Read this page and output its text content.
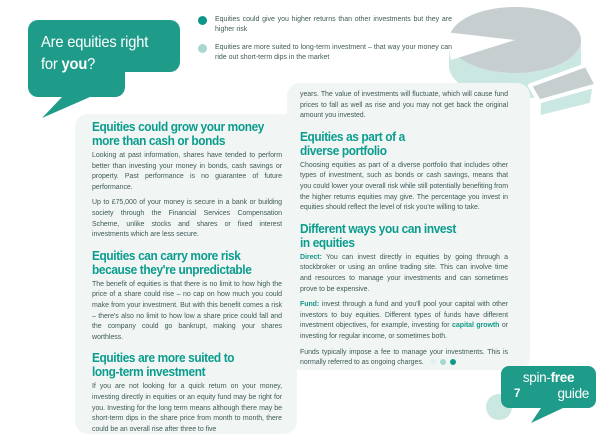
Are equities right
for you?
Equities could give you higher returns than other investments but they are higher risk
Equities are more suited to long-term investment – that way your money can ride out short-term dips in the market
Equities could grow your money
more than cash or bonds

Looking at past information, shares have tended to perform better than investing your money in bonds, cash savings or property. Past performance is no guarantee of future performance.

Up to £75,000 of your money is secure in a bank or building society through the Financial Services Compensation Scheme, unlike stocks and shares or fixed interest investments which are less secure.

Equities can carry more risk
because they're unpredictable

The benefit of equities is that there is no limit to how high the price of a share could rise – no cap on how much you could make from your investment. But with this benefit comes a risk – there's also no limit to how low a share price could fall and the company could go bankrupt, making your shares worthless.

Equities are more suited to
long-term investment

If you are not looking for a quick return on your money, investing directly in equities or an equity fund may be right for you. Investing for the long term means although there may be short-term dips in the share price from month to month, there could be an overall rise after three to five

years. The value of investments will fluctuate, which will cause fund prices to fall as well as rise and you may not get back the original amount you invested.

Equities as part of a
diverse portfolio

Choosing equities as part of a diverse portfolio that includes other types of investment, such as bonds or cash savings, means that you could lower your overall risk while still potentially benefiting from the higher returns equities may give. The percentage you invest in equities should reflect the level of risk you're willing to take.

Different ways you can invest
in equities

Direct: You can invest directly in equities by going through a stockbroker or using an online trading site. This can involve time and resources to manage your investments and can sometimes prove to be expensive.

Fund: invest through a fund and you'll pool your capital with other investors to buy equities. Different types of funds have different investment objectives, for example, investing for capital growth or investing for regular income, or sometimes both.

Funds typically impose a fee to manage your investments. This is normally referred to as ongoing charges.

spin-free
guide
7
